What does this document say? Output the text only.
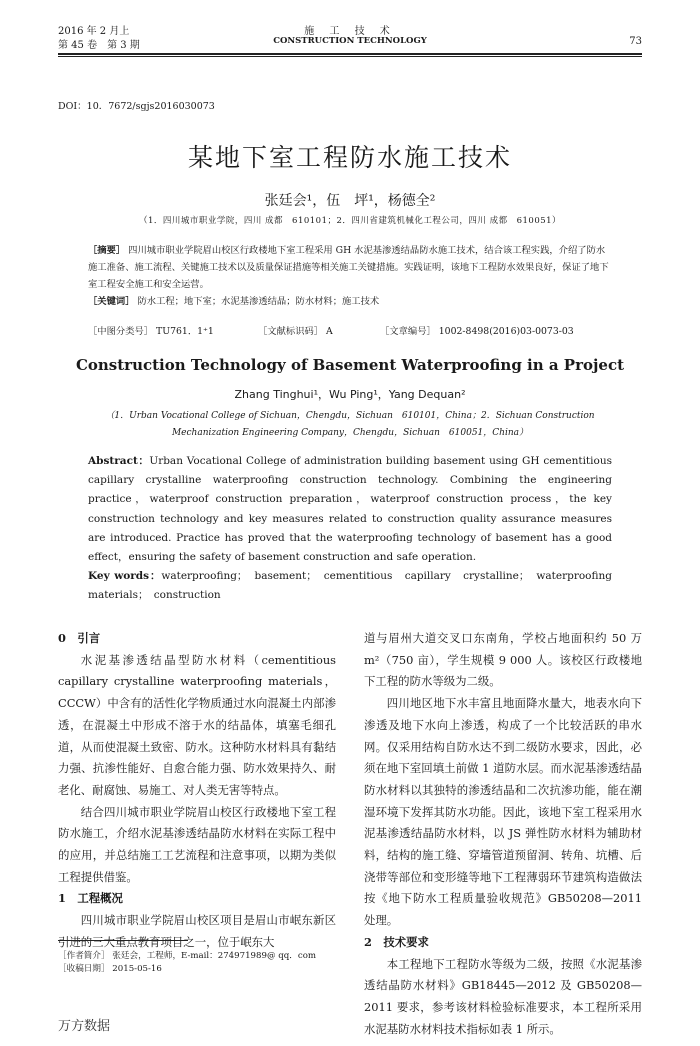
2016 年 2 月上
第 45 卷　第 3 期
施 工 技 术
CONSTRUCTION TECHNOLOGY	73
DOI：10．7672/sgjs2016030073
某地下室工程防水施工技术
张廷会¹，伍　坪¹，杨德全²
（1．四川城市职业学院，四川 成都　610101；2．四川省建筑机械化工程公司，四川 成都　610051）
［摘要］ 四川城市职业学院眉山校区行政楼地下室工程采用 GH 水泥基渗透结晶防水施工技术，结合该工程实践，介绍了防水施工准备、施工流程、关键施工技术以及质量保证措施等相关施工关键措施。实践证明，该地下工程防水效果良好，保证了地下室工程安全施工和安全运营。
［关键词］ 防水工程；地下室；水泥基渗透结晶；防水材料；施工技术
［中图分类号］ TU761．1⁺1	［文献标识码］ A	［文章编号］ 1002-8498(2016)03-0073-03
Construction Technology of Basement Waterproofing in a Project
Zhang Tinghui¹，Wu Ping¹，Yang Dequan²
（1．Urban Vocational College of Sichuan，Chengdu，Sichuan　610101，China；2．Sichuan Construction Mechanization Engineering Company，Chengdu，Sichuan　610051，China）
Abstract：Urban Vocational College of administration building basement using GH cementitious capillary crystalline waterproofing construction technology. Combining the engineering practice，waterproof construction preparation，waterproof construction process，the key construction technology and key measures related to construction quality assurance measures are introduced. Practice has proved that the waterproofing technology of basement has a good effect，ensuring the safety of basement construction and safe operation.
Key words：waterproofing；　basement；　cementitious　capillary　crystalline；　waterproofing　materials；　construction
0　引言

水泥基渗透结晶型防水材料（cementitious capillary crystalline waterproofing materials，CCCW）中含有的活性化学物质通过水向混凝土内部渗透，在混凝土中形成不溶于水的结晶体，填塞毛细孔道，从而使混凝土致密、防水。这种防水材料具有黏结力强、抗渗性能好、自愈合能力强、防水效果持久、耐老化、耐腐蚀、易施工、对人类无害等特点。

结合四川城市职业学院眉山校区行政楼地下室工程防水施工，介绍水泥基渗透结晶防水材料在实际工程中的应用，并总结施工工艺流程和注意事项，以期为类似工程提供借鉴。

1　工程概况

四川城市职业学院眉山校区项目是眉山市岷东新区引进的三大重点教育项目之一，位于岷东大

道与眉州大道交叉口东南角，学校占地面积约 50 万 m²（750 亩），学生规模 9 000 人。该校区行政楼地下工程的防水等级为二级。

四川地区地下水丰富且地面降水量大，地表水向下渗透及地下水向上渗透，构成了一个比较活跃的串水网。仅采用结构自防水达不到二级防水要求，因此，必须在地下室回填土前做 1 道防水层。而水泥基渗透结晶防水材料以其独特的渗透结晶和二次抗渗功能，能在潮湿环境下发挥其防水功能。因此，该地下室工程采用水泥基渗透结晶防水材料，以 JS 弹性防水材料为辅助材料，结构的施工缝、穿墙管道预留洞、转角、坑槽、后浇带等部位和变形缝等地下工程薄弱环节建筑构造做法按《地下防水工程质量验收规范》GB50208—2011 处理。

2　技术要求

本工程地下工程防水等级为二级，按照《水泥基渗透结晶防水材料》GB18445—2012 及 GB50208—2011 要求，参考该材料检验标准要求，本工程所采用水泥基防水材料技术指标如表 1 所示。

［作者简介］ 张廷会，工程师，E-mail：274971989@ qq．com
［收稿日期］ 2015-05-16
万方数据
